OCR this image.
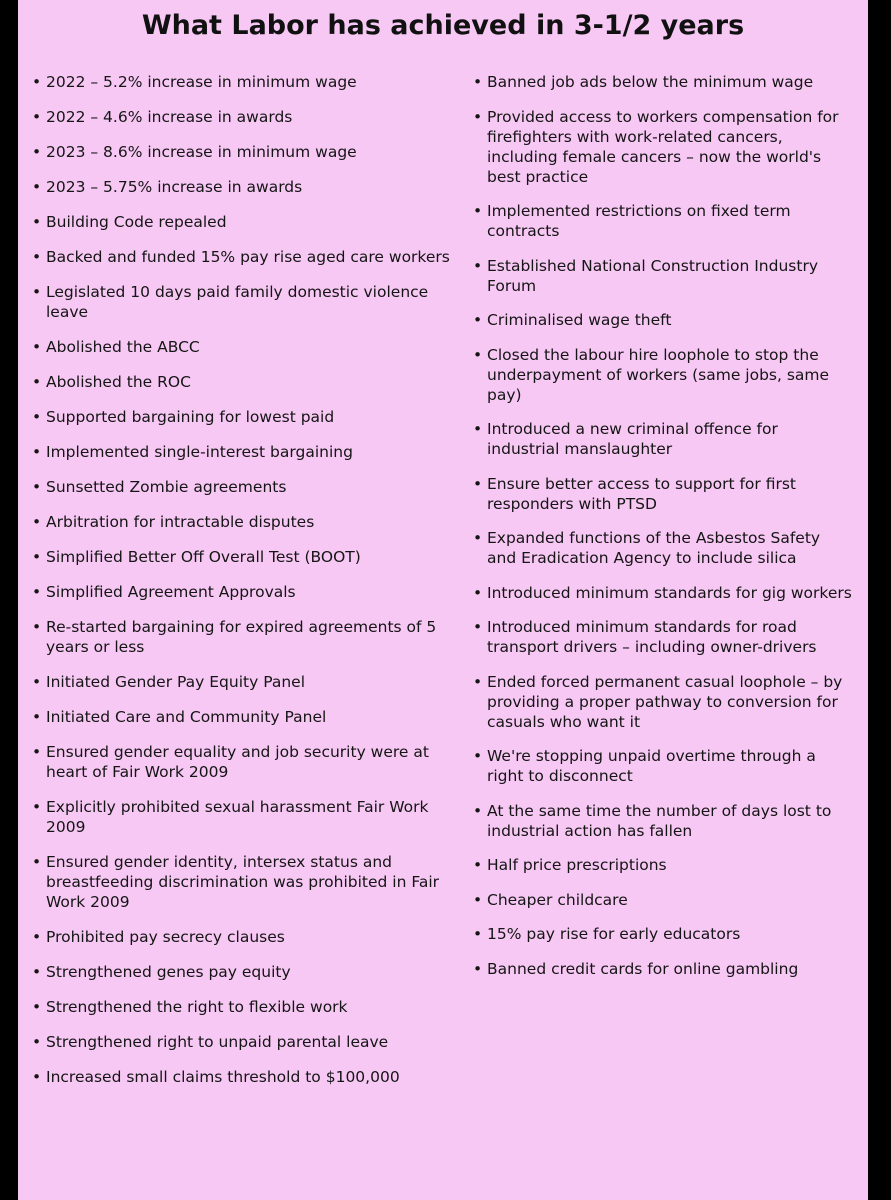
What Labor has achieved in 3-1/2 years
• 2022 – 5.2% increase in minimum wage
• 2022 – 4.6% increase in awards
• 2023 – 8.6% increase in minimum wage
• 2023 – 5.75% increase in awards
• Building Code repealed
• Backed and funded 15% pay rise aged care workers
• Legislated 10 days paid family domestic violence leave
• Abolished the ABCC
• Abolished the ROC
• Supported bargaining for lowest paid
• Implemented single-interest bargaining
• Sunsetted Zombie agreements
• Arbitration for intractable disputes
• Simplified Better Off Overall Test (BOOT)
• Simplified Agreement Approvals
• Re-started bargaining for expired agreements of 5 years or less
• Initiated Gender Pay Equity Panel
• Initiated Care and Community Panel
• Ensured gender equality and job security were at heart of Fair Work 2009
• Explicitly prohibited sexual harassment Fair Work 2009
• Ensured gender identity, intersex status and breastfeeding discrimination was prohibited in Fair Work 2009
• Prohibited pay secrecy clauses
• Strengthened genes pay equity
• Strengthened the right to flexible work
• Strengthened right to unpaid parental leave
• Increased small claims threshold to $100,000
• Banned job ads below the minimum wage
• Provided access to workers compensation for firefighters with work-related cancers, including female cancers – now the world's best practice
• Implemented restrictions on fixed term contracts
• Established National Construction Industry Forum
• Criminalised wage theft
• Closed the labour hire loophole to stop the underpayment of workers (same jobs, same pay)
• Introduced a new criminal offence for industrial manslaughter
• Ensure better access to support for first responders with PTSD
• Expanded functions of the Asbestos Safety and Eradication Agency to include silica
• Introduced minimum standards for gig workers
• Introduced minimum standards for road transport drivers – including owner-drivers
• Ended forced permanent casual loophole – by providing a proper pathway to conversion for casuals who want it
• We're stopping unpaid overtime through a right to disconnect
• At the same time the number of days lost to industrial action has fallen
• Half price prescriptions
• Cheaper childcare
• 15% pay rise for early educators
• Banned credit cards for online gambling
